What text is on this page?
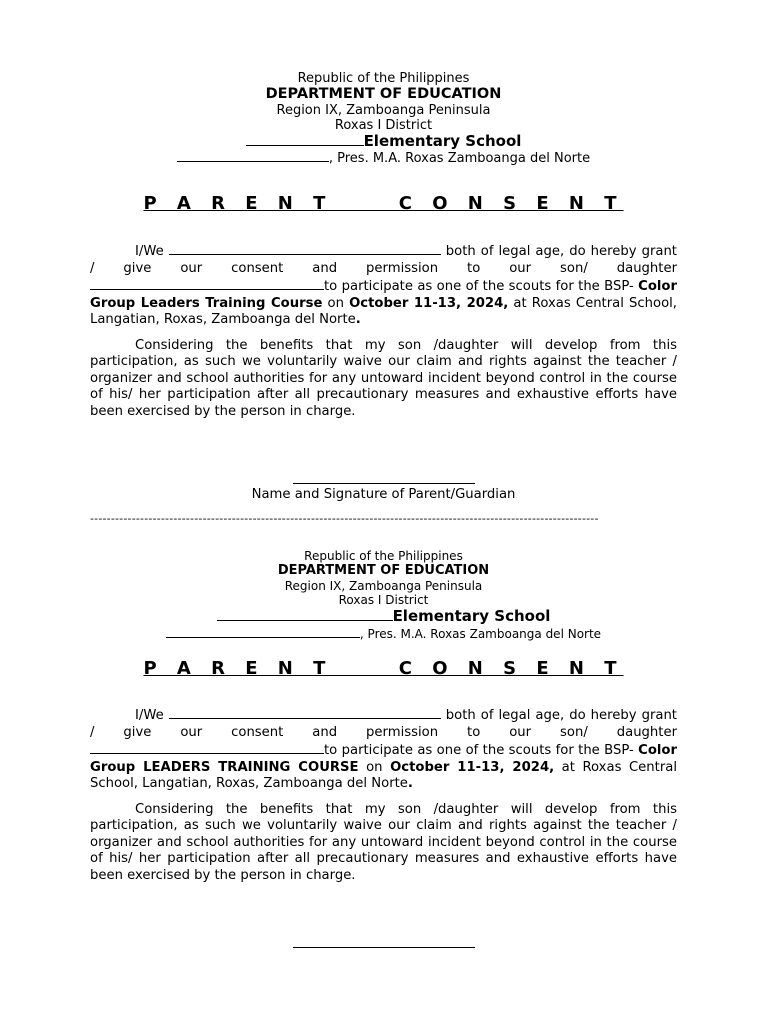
Republic of the Philippines
DEPARTMENT OF EDUCATION
Region IX, Zamboanga Peninsula
Roxas I District
Elementary School
, Pres. M.A. Roxas Zamboanga del Norte

P A R E N T     C O N S E N T

I/We	both of legal age, do hereby grant / give our consent and permission to our son/ daughter to participate as one of the scouts for the BSP- Color Group Leaders Training Course on October 11-13, 2024, at Roxas Central School, Langatian, Roxas, Zamboanga del Norte.

Considering the benefits that my son /daughter will develop from this participation, as such we voluntarily waive our claim and rights against the teacher / organizer and school authorities for any untoward incident beyond control in the course of his/ her participation after all precautionary measures and exhaustive efforts have been exercised by the person in charge.

Name and Signature of Parent/Guardian
--------------------------------------------------------------------------------------------------------------------------
Republic of the Philippines
DEPARTMENT OF EDUCATION
Region IX, Zamboanga Peninsula
Roxas I District
Elementary School
, Pres. M.A. Roxas Zamboanga del Norte

P A R E N T     C O N S E N T

I/We	both of legal age, do hereby grant / give our consent and permission to our son/ daughter to participate as one of the scouts for the BSP- Color Group LEADERS TRAINING COURSE on October 11-13, 2024, at Roxas Central School, Langatian, Roxas, Zamboanga del Norte.

Considering the benefits that my son /daughter will develop from this participation, as such we voluntarily waive our claim and rights against the teacher / organizer and school authorities for any untoward incident beyond control in the course of his/ her participation after all precautionary measures and exhaustive efforts have been exercised by the person in charge.
